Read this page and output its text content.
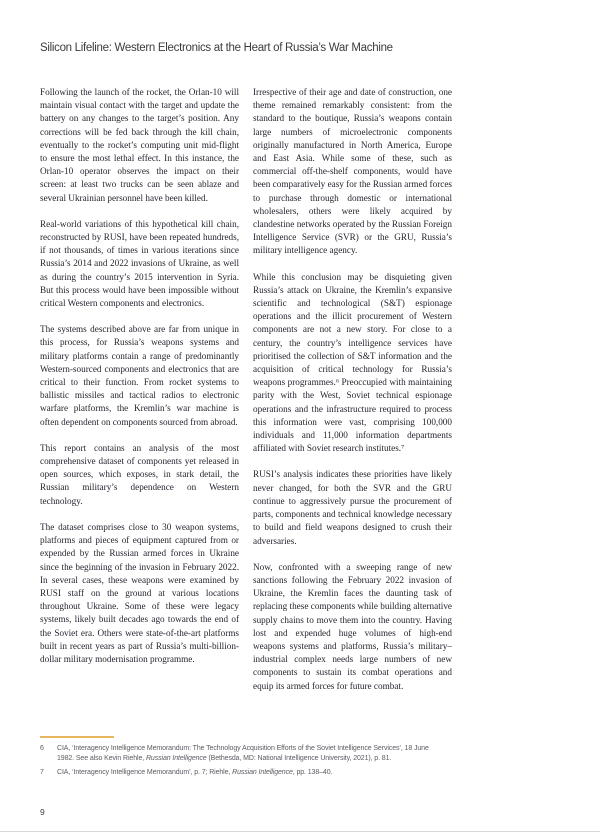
Silicon Lifeline: Western Electronics at the Heart of Russia’s War Machine

Following the launch of the rocket, the Orlan-10 will maintain visual contact with the target and update the battery on any changes to the target’s position. Any corrections will be fed back through the kill chain, eventually to the rocket’s computing unit mid-flight to ensure the most lethal effect. In this instance, the Orlan-10 operator observes the impact on their screen: at least two trucks can be seen ablaze and several Ukrainian personnel have been killed.

Real-world variations of this hypothetical kill chain, reconstructed by RUSI, have been repeated hundreds, if not thousands, of times in various iterations since Russia’s 2014 and 2022 invasions of Ukraine, as well as during the country’s 2015 intervention in Syria. But this process would have been impossible without critical Western components and electronics.

The systems described above are far from unique in this process, for Russia’s weapons systems and military platforms contain a range of predominantly Western-sourced components and electronics that are critical to their function. From rocket systems to ballistic missiles and tactical radios to electronic warfare platforms, the Kremlin’s war machine is often dependent on components sourced from abroad.

This report contains an analysis of the most comprehensive dataset of components yet released in open sources, which exposes, in stark detail, the Russian military’s dependence on Western technology.

The dataset comprises close to 30 weapon systems, platforms and pieces of equipment captured from or expended by the Russian armed forces in Ukraine since the beginning of the invasion in February 2022. In several cases, these weapons were examined by RUSI staff on the ground at various locations throughout Ukraine. Some of these were legacy systems, likely built decades ago towards the end of the Soviet era. Others were state-of-the-art platforms built in recent years as part of Russia’s multi-billion-dollar military modernisation programme.

Irrespective of their age and date of construction, one theme remained remarkably consistent: from the standard to the boutique, Russia’s weapons contain large numbers of microelectronic components originally manufactured in North America, Europe and East Asia. While some of these, such as commercial off-the-shelf components, would have been comparatively easy for the Russian armed forces to purchase through domestic or international wholesalers, others were likely acquired by clandestine networks operated by the Russian Foreign Intelligence Service (SVR) or the GRU, Russia’s military intelligence agency.

While this conclusion may be disquieting given Russia’s attack on Ukraine, the Kremlin’s expansive scientific and technological (S&T) espionage operations and the illicit procurement of Western components are not a new story. For close to a century, the country’s intelligence services have prioritised the collection of S&T information and the acquisition of critical technology for Russia’s weapons programmes.⁶ Preoccupied with maintaining parity with the West, Soviet technical espionage operations and the infrastructure required to process this information were vast, comprising 100,000 individuals and 11,000 information departments affiliated with Soviet research institutes.⁷

RUSI’s analysis indicates these priorities have likely never changed, for both the SVR and the GRU continue to aggressively pursue the procurement of parts, components and technical knowledge necessary to build and field weapons designed to crush their adversaries.

Now, confronted with a sweeping range of new sanctions following the February 2022 invasion of Ukraine, the Kremlin faces the daunting task of replacing these components while building alternative supply chains to move them into the country. Having lost and expended huge volumes of high-end weapons systems and platforms, Russia’s military–industrial complex needs large numbers of new components to sustain its combat operations and equip its armed forces for future combat.

6	CIA, ‘Interagency Intelligence Memorandum: The Technology Acquisition Efforts of the Soviet Intelligence Services’, 18 June 1982. See also Kevin Riehle, Russian Intelligence (Bethesda, MD: National Intelligence University, 2021), p. 81.
7	CIA, ‘Interagency Intelligence Memorandum’, p. 7; Riehle, Russian Intelligence, pp. 138–40.
9
